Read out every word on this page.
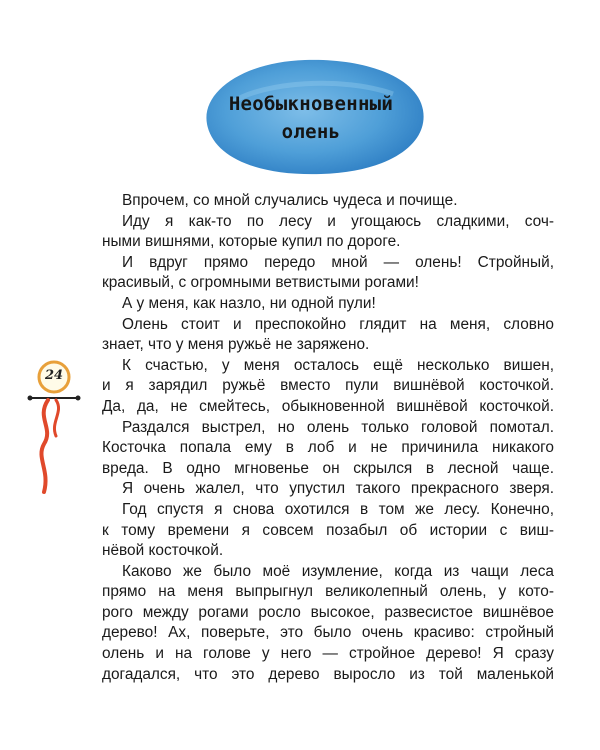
Необыкновенный
олень
24
Впрочем, со мной случались чудеса и почище.
Иду я как-то по лесу и угощаюсь сладкими, соч-
ными вишнями, которые купил по дороге.
И вдруг прямо передо мной — олень! Стройный,
красивый, с огромными ветвистыми рогами!
А у меня, как назло, ни одной пули!
Олень стоит и преспокойно глядит на меня, словно
знает, что у меня ружьё не заряжено.
К счастью, у меня осталось ещё несколько вишен,
и я зарядил ружьё вместо пули вишнёвой косточкой.
Да, да, не смейтесь, обыкновенной вишнёвой косточкой.
Раздался выстрел, но олень только головой помотал.
Косточка попала ему в лоб и не причинила никакого
вреда. В одно мгновенье он скрылся в лесной чаще.
Я очень жалел, что упустил такого прекрасного зверя.
Год спустя я снова охотился в том же лесу. Конечно,
к тому времени я совсем позабыл об истории с виш-
нёвой косточкой.
Каково же было моё изумление, когда из чащи леса
прямо на меня выпрыгнул великолепный олень, у кото-
рого между рогами росло высокое, развесистое вишнёвое
дерево! Ах, поверьте, это было очень красиво: стройный
олень и на голове у него — стройное дерево! Я сразу
догадался, что это дерево выросло из той маленькой
